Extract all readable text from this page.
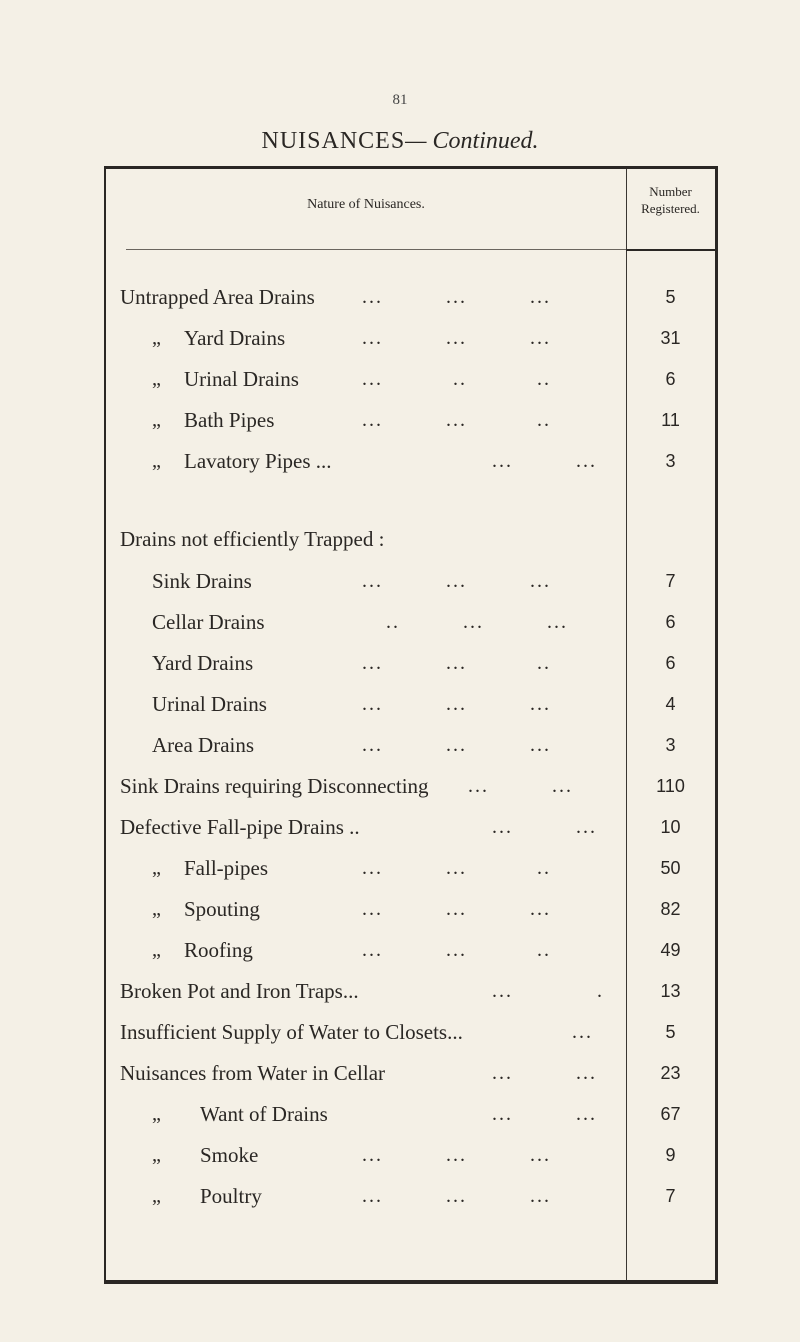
81
NUISANCES— Continued.
Nature of Nuisances.
Number
Registered.
Untrapped Area Drains ...         ...         ...	5
„ Yard Drains	...         ...         ...	31
„ Urinal Drains	...          ..          ..	6
„ Bath Pipes	...         ...          ..	11
„ Lavatory Pipes ...	...         ...	3
Drains not efficiently Trapped :
Sink Drains	...         ...         ...	7
Cellar Drains	..         ...         ...	6
Yard Drains	...         ...          ..	6
Urinal Drains	...         ...         ...	4
Area Drains	...         ...         ...	3
Sink Drains requiring Disconnecting ...         ...	110
Defective Fall-pipe Drains ..	...         ...	10
„ Fall-pipes	...         ...          ..	50
„ Spouting	...         ...         ...	82
„ Roofing	...         ...          ..	49
Broken Pot and Iron Traps...	...            .	13
Insufficient Supply of Water to Closets...	...	5
Nuisances from Water in Cellar	...         ...	23
„ Want of Drains	...         ...	67
„ Smoke	...         ...         ...	9
„ Poultry	...         ...         ...	7
